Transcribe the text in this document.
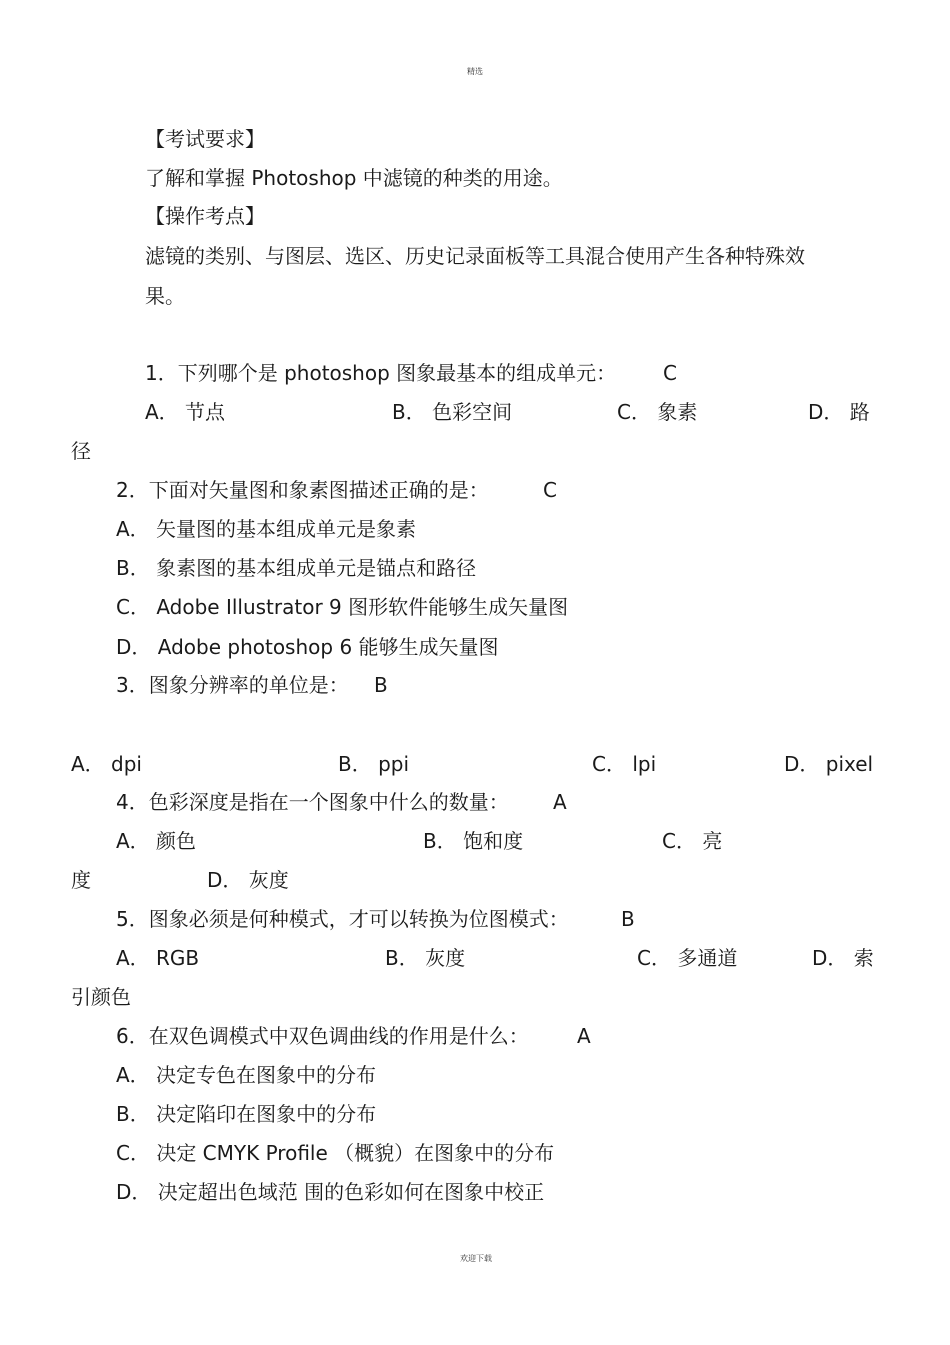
精选
欢迎下载
【考试要求】
了解和掌握 Photoshop 中滤镜的种类的用途。
【操作考点】
滤镜的类别、与图层、选区、历史记录面板等工具混合使用产生各种特殊效
果。
1．下列哪个是 photoshop 图象最基本的组成单元： C
A． 节点	B． 色彩空间	C． 象素	D． 路
径
2．下面对矢量图和象素图描述正确的是：	C
A． 矢量图的基本组成单元是象素
B． 象素图的基本组成单元是锚点和路径
C． Adobe Illustrator 9 图形软件能够生成矢量图
D． Adobe photoshop 6 能够生成矢量图
3．图象分辨率的单位是： B
A． dpi	B． ppi	C． lpi	D． pixel
4．色彩深度是指在一个图象中什么的数量： A
A． 颜色	B． 饱和度	C． 亮
度	D． 灰度
5．图象必须是何种模式，才可以转换为位图模式：	B
A． RGB	B． 灰度	C． 多通道	D． 索
引颜色
6．在双色调模式中双色调曲线的作用是什么： A
A． 决定专色在图象中的分布
B． 决定陷印在图象中的分布
C． 决定 CMYK Profile （概貌）在图象中的分布
D． 决定超出色域范 围的色彩如何在图象中校正
